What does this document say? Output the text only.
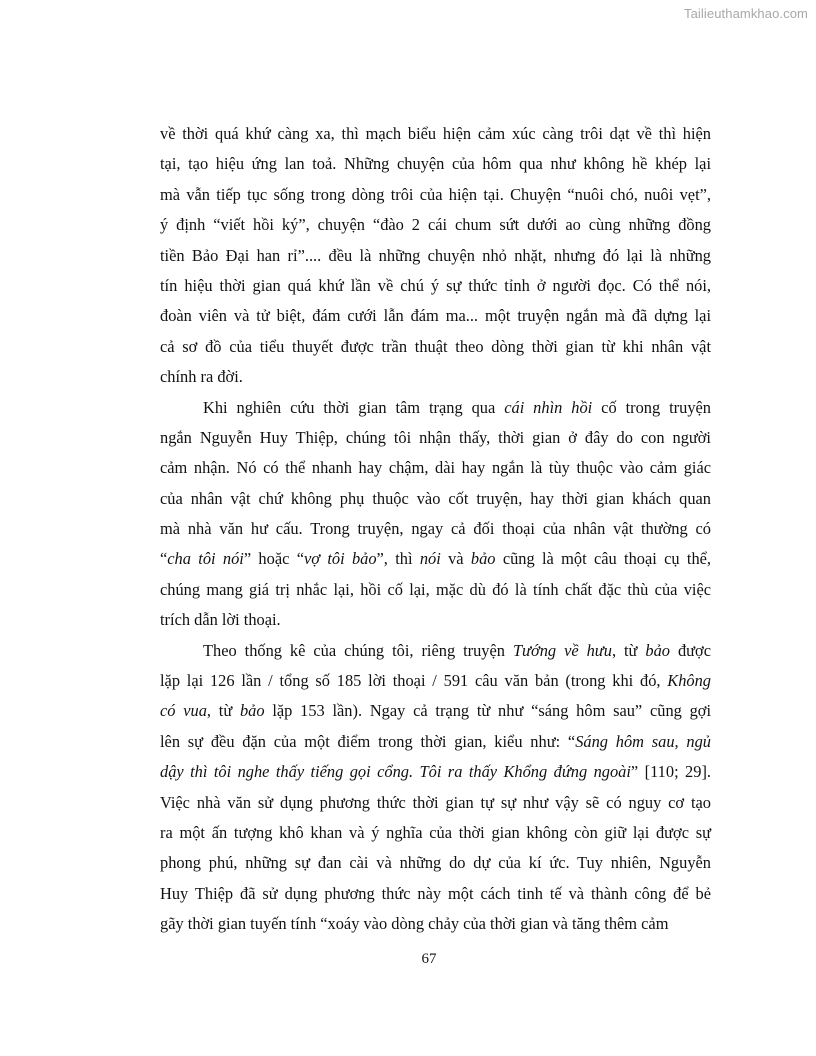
Tailieuthamkhao.com
về thời quá khứ càng xa, thì mạch biểu hiện cảm xúc càng trôi dạt về thì hiện
tại, tạo hiệu ứng lan toả. Những chuyện của hôm qua như không hề khép lại
mà vẫn tiếp tục sống trong dòng trôi của hiện tại. Chuyện “nuôi chó, nuôi vẹt”,
ý định “viết hồi ký”, chuyện “đào 2 cái chum sứt dưới ao cùng những đồng
tiền Bảo Đại han rỉ”.... đều là những chuyện nhỏ nhặt, nhưng đó lại là những
tín hiệu thời gian quá khứ lần về chú ý sự thức tỉnh ở người đọc. Có thể nói,
đoàn viên và tử biệt, đám cưới lẫn đám ma... một truyện ngắn mà đã dựng lại
cả sơ đồ của tiểu thuyết được trần thuật theo dòng thời gian từ khi nhân vật
chính ra đời.
Khi nghiên cứu thời gian tâm trạng qua cái nhìn hồi cố trong truyện
ngắn Nguyễn Huy Thiệp, chúng tôi nhận thấy, thời gian ở đây do con người
cảm nhận. Nó có thể nhanh hay chậm, dài hay ngắn là tùy thuộc vào cảm giác
của nhân vật chứ không phụ thuộc vào cốt truyện, hay thời gian khách quan
mà nhà văn hư cấu. Trong truyện, ngay cả đối thoại của nhân vật thường có
“cha tôi nói” hoặc “vợ tôi bảo”, thì nói và bảo cũng là một câu thoại cụ thể,
chúng mang giá trị nhắc lại, hồi cố lại, mặc dù đó là tính chất đặc thù của việc
trích dẫn lời thoại.
Theo thống kê của chúng tôi, riêng truyện Tướng về hưu, từ bảo được
lặp lại 126 lần / tổng số 185 lời thoại / 591 câu văn bản (trong khi đó, Không
có vua, từ bảo lặp 153 lần). Ngay cả trạng từ như “sáng hôm sau” cũng gợi
lên sự đều đặn của một điểm trong thời gian, kiểu như: “Sáng hôm sau, ngủ
dậy thì tôi nghe thấy tiếng gọi cổng. Tôi ra thấy Khổng đứng ngoài” [110; 29].
Việc nhà văn sử dụng phương thức thời gian tự sự như vậy sẽ có nguy cơ tạo
ra một ấn tượng khô khan và ý nghĩa của thời gian không còn giữ lại được sự
phong phú, những sự đan cài và những do dự của kí ức. Tuy nhiên, Nguyễn
Huy Thiệp đã sử dụng phương thức này một cách tinh tế và thành công để bẻ
gãy thời gian tuyến tính “xoáy vào dòng chảy của thời gian và tăng thêm cảm
67
